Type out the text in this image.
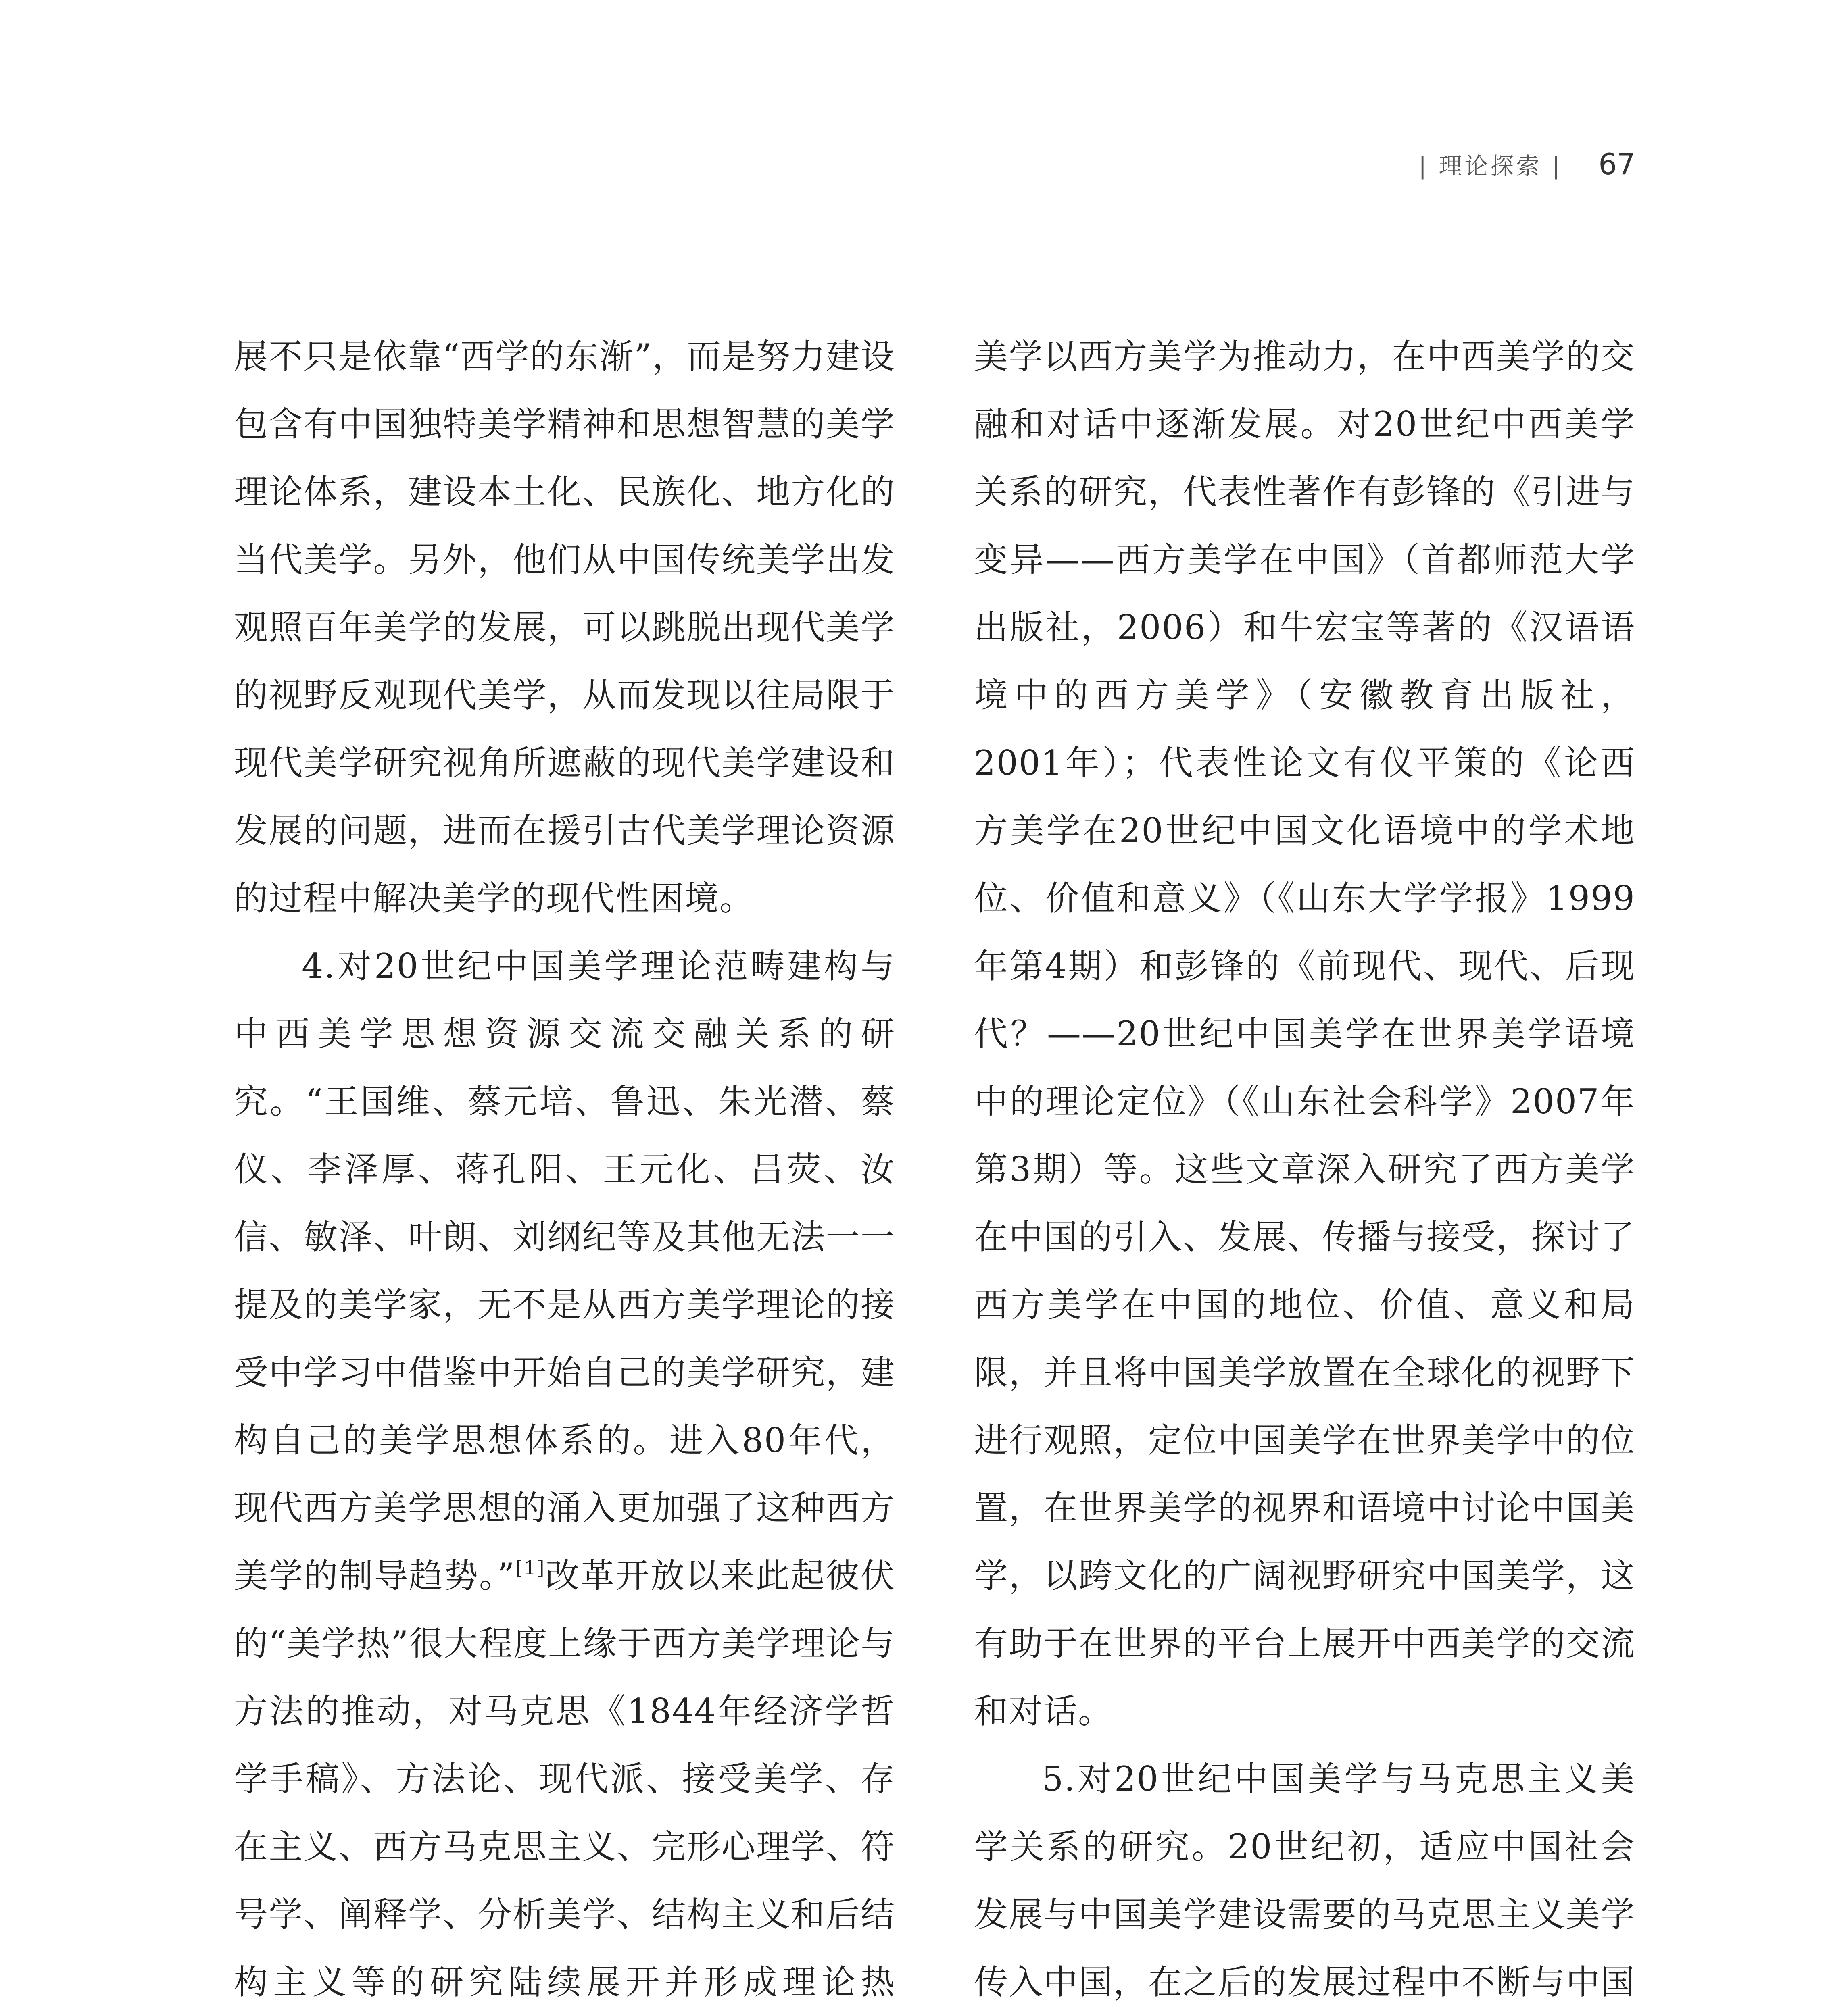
| 理论探索 | 67

展不只是依靠“西学的东渐”，而是努力建设包含有中国独特美学精神和思想智慧的美学理论体系，建设本土化、民族化、地方化的当代美学。另外，他们从中国传统美学出发观照百年美学的发展，可以跳脱出现代美学的视野反观现代美学，从而发现以往局限于现代美学研究视角所遮蔽的现代美学建设和发展的问题，进而在援引古代美学理论资源的过程中解决美学的现代性困境。

4.对20世纪中国美学理论范畴建构与中西美学思想资源交流交融关系的研究。“王国维、蔡元培、鲁迅、朱光潜、蔡仪、李泽厚、蒋孔阳、王元化、吕荧、汝信、敏泽、叶朗、刘纲纪等及其他无法一一提及的美学家，无不是从西方美学理论的接受中学习中借鉴中开始自己的美学研究，建构自己的美学思想体系的。进入80年代，现代西方美学思想的涌入更加强了这种西方美学的制导趋势。”[1]改革开放以来此起彼伏的“美学热”很大程度上缘于西方美学理论与方法的推动，对马克思《1844年经济学哲学手稿》、方法论、现代派、接受美学、存在主义、西方马克思主义、完形心理学、符号学、阐释学、分析美学、结构主义和后结构主义等的研究陆续展开并形成理论热

美学以西方美学为推动力，在中西美学的交融和对话中逐渐发展。对20世纪中西美学关系的研究，代表性著作有彭锋的《引进与变异——西方美学在中国》（首都师范大学出版社，2006）和牛宏宝等著的《汉语语境中的西方美学》（安徽教育出版社，2001年）；代表性论文有仪平策的《论西方美学在20世纪中国文化语境中的学术地位、价值和意义》（《山东大学学报》1999年第4期）和彭锋的《前现代、现代、后现代？——20世纪中国美学在世界美学语境中的理论定位》（《山东社会科学》2007年第3期）等。这些文章深入研究了西方美学在中国的引入、发展、传播与接受，探讨了西方美学在中国的地位、价值、意义和局限，并且将中国美学放置在全球化的视野下进行观照，定位中国美学在世界美学中的位置，在世界美学的视界和语境中讨论中国美学，以跨文化的广阔视野研究中国美学，这有助于在世界的平台上展开中西美学的交流和对话。

5.对20世纪中国美学与马克思主义美学关系的研究。20世纪初，适应中国社会发展与中国美学建设需要的马克思主义美学传入中国，在之后的发展过程中不断与中国
